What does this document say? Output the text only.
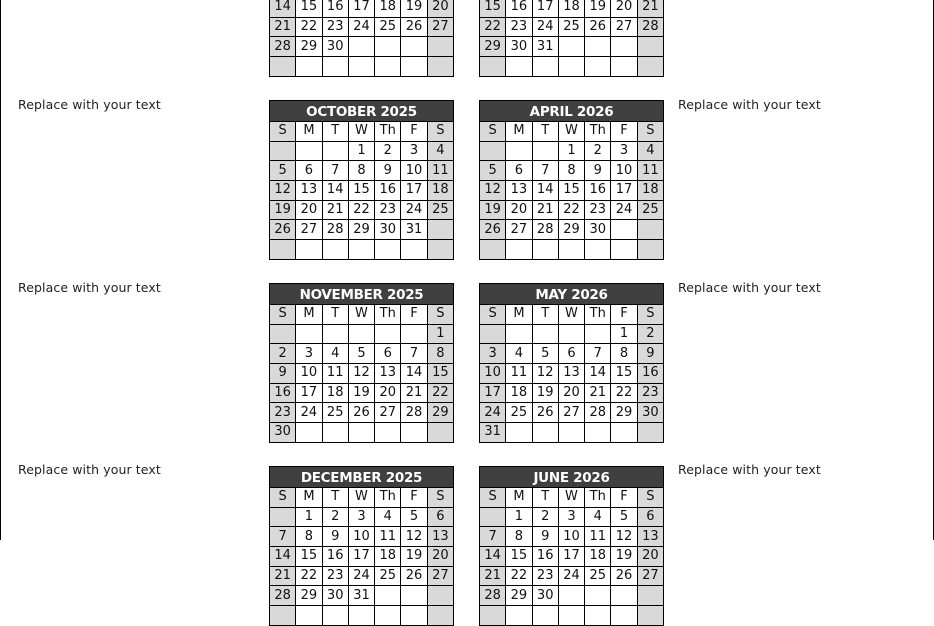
Replace with your text	Replace with your text
Replace with your text	Replace with your text
Replace with your text	Replace with your text

14	15	16	17	18	19	20
21	22	23	24	25	26	27
28	29	30				

15	16	17	18	19	20	21
22	23	24	25	26	27	28
29	30	31				

OCTOBER 2025
S	M	T	W	Th	F	S
			1	2	3	4
5	6	7	8	9	10	11
12	13	14	15	16	17	18
19	20	21	22	23	24	25
26	27	28	29	30	31	

APRIL 2026
S	M	T	W	Th	F	S
			1	2	3	4
5	6	7	8	9	10	11
12	13	14	15	16	17	18
19	20	21	22	23	24	25
26	27	28	29	30		

NOVEMBER 2025
S	M	T	W	Th	F	S
						1
2	3	4	5	6	7	8
9	10	11	12	13	14	15
16	17	18	19	20	21	22
23	24	25	26	27	28	29
30						
MAY 2026
S	M	T	W	Th	F	S
					1	2
3	4	5	6	7	8	9
10	11	12	13	14	15	16
17	18	19	20	21	22	23
24	25	26	27	28	29	30
31						
DECEMBER 2025
S	M	T	W	Th	F	S
	1	2	3	4	5	6
7	8	9	10	11	12	13
14	15	16	17	18	19	20
21	22	23	24	25	26	27
28	29	30	31			

JUNE 2026
S	M	T	W	Th	F	S
	1	2	3	4	5	6
7	8	9	10	11	12	13
14	15	16	17	18	19	20
21	22	23	24	25	26	27
28	29	30				
